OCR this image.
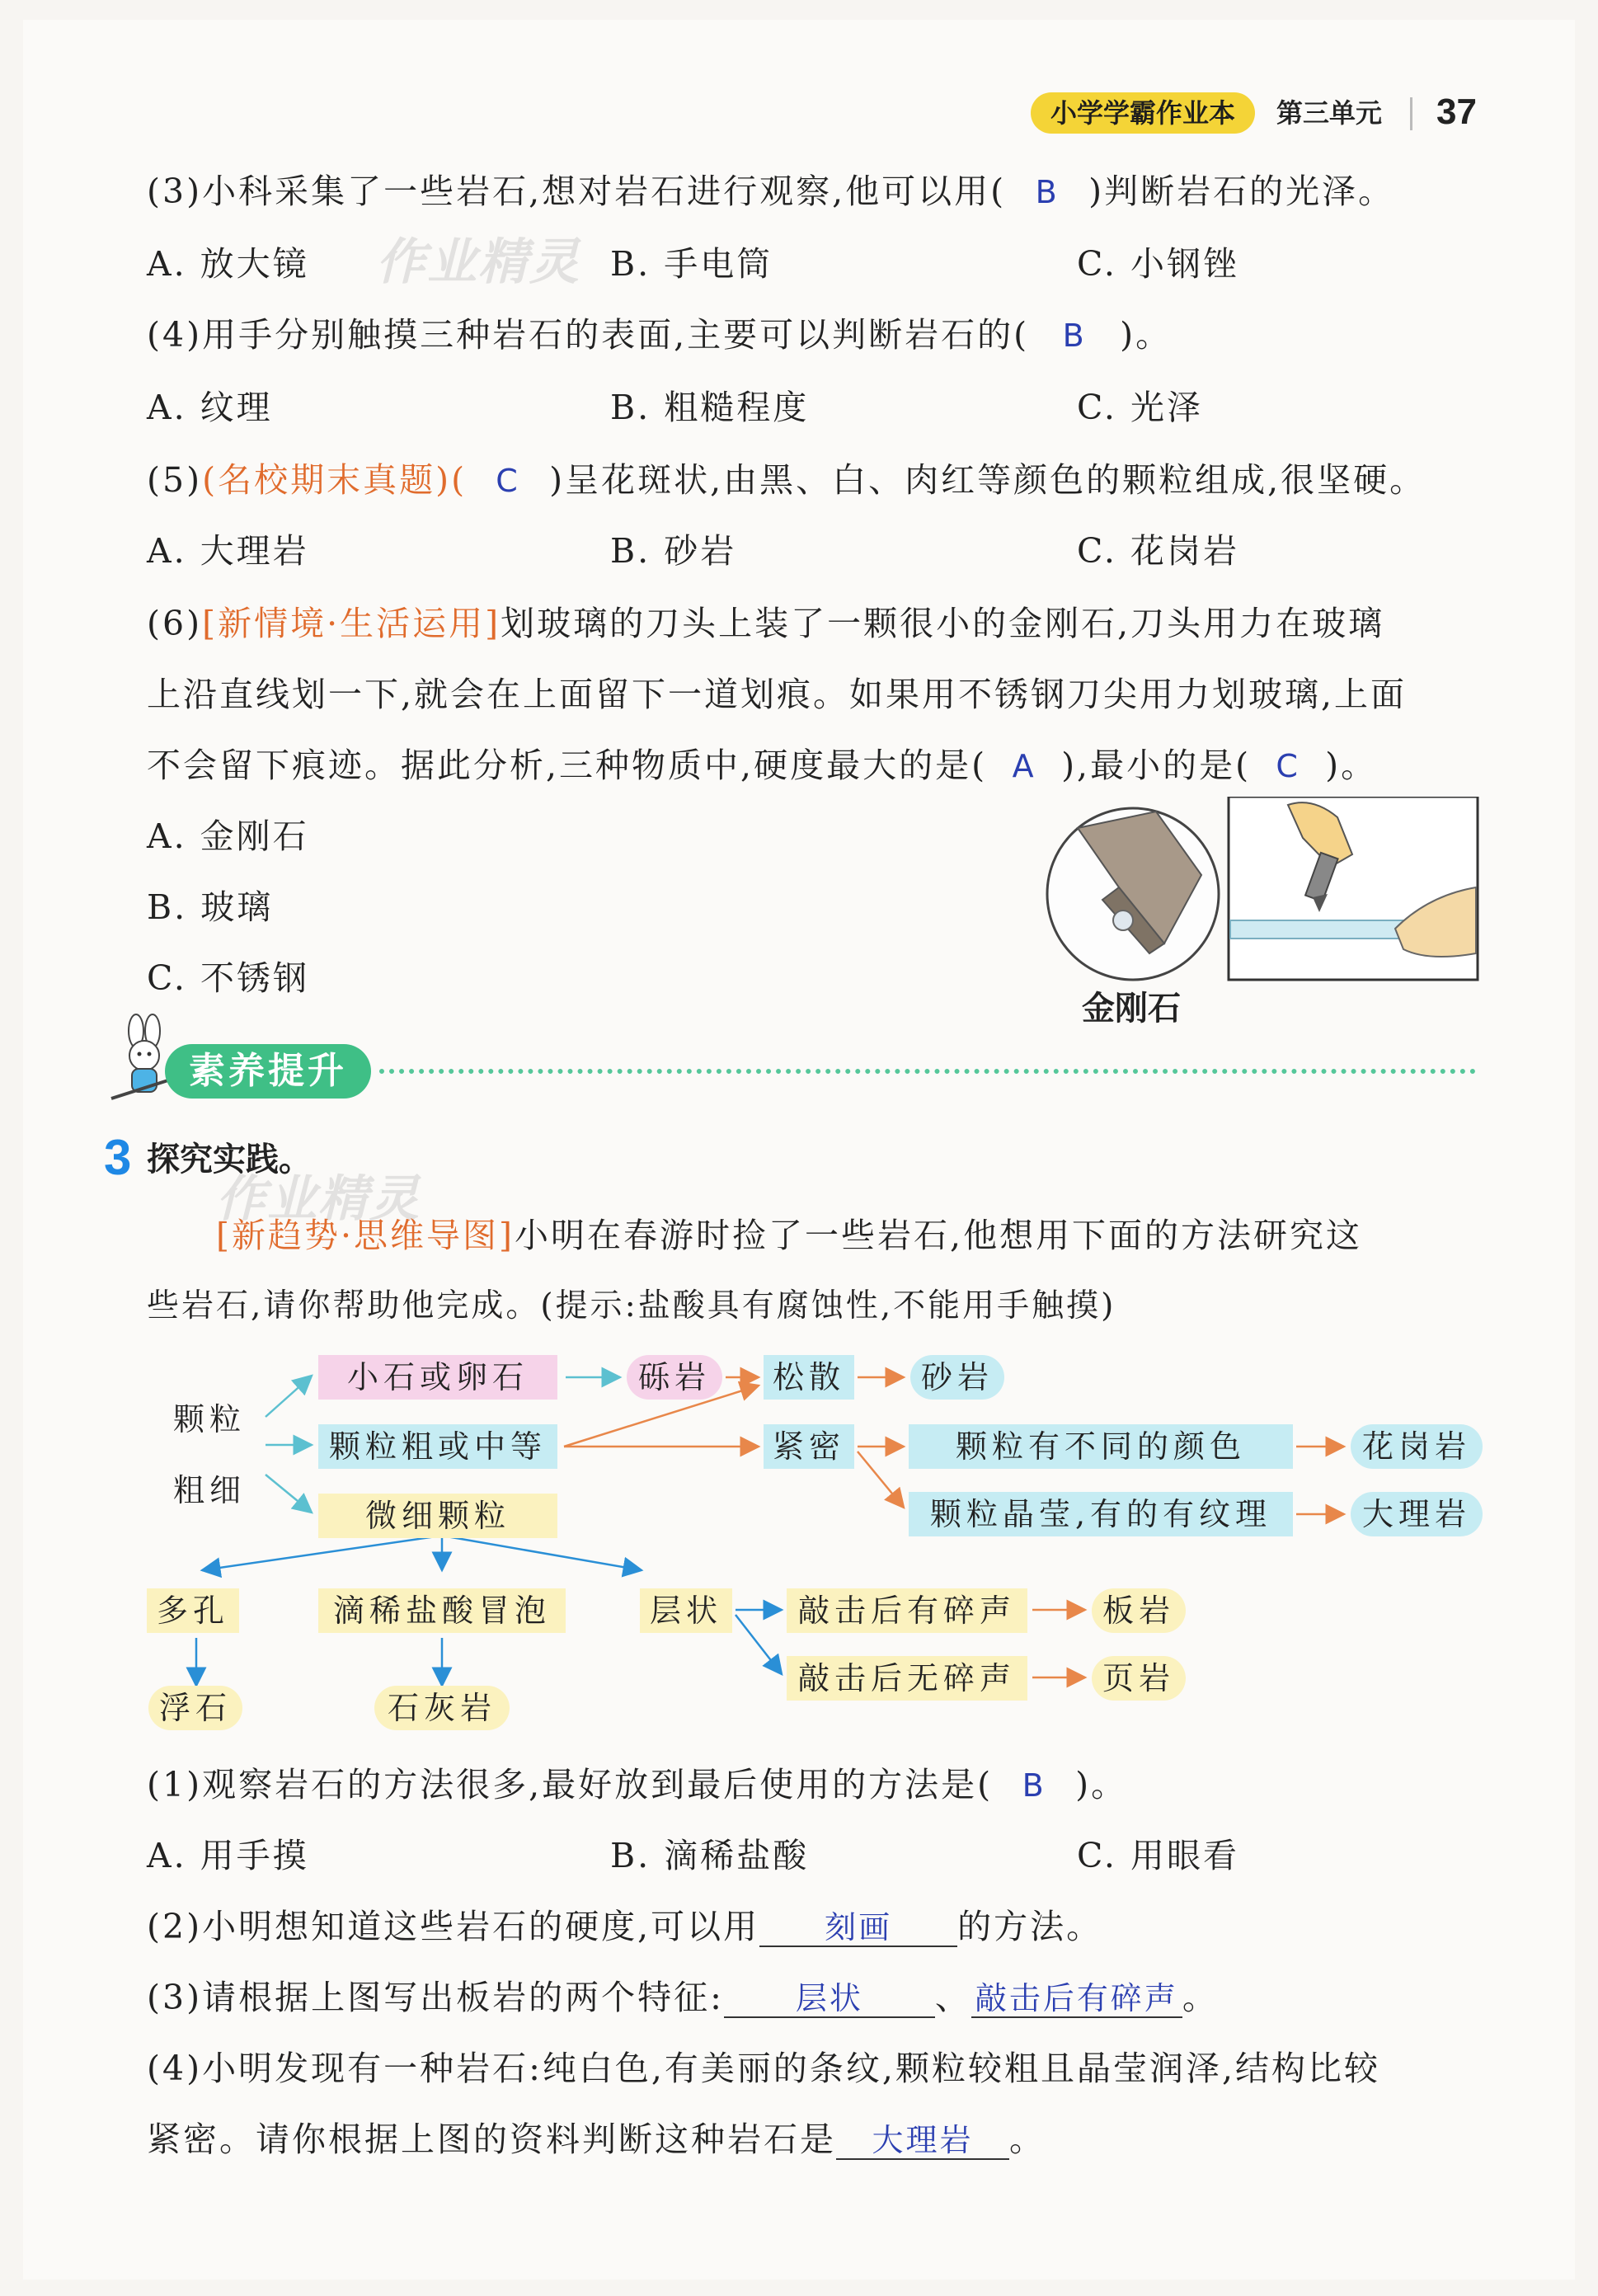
小学学霸作业本	第三单元 37
作业精灵
作业精灵
(3)小科采集了一些岩石,想对岩石进行观察,他可以用( B )判断岩石的光泽。
A. 放大镜	B. 手电筒	C. 小钢锉
(4)用手分别触摸三种岩石的表面,主要可以判断岩石的( B )。
A. 纹理	B. 粗糙程度	C. 光泽
(5)(名校期末真题)( C )呈花斑状,由黑、白、肉红等颜色的颗粒组成,很坚硬。
A. 大理岩	B. 砂岩	C. 花岗岩
(6)[新情境·生活运用]划玻璃的刀头上装了一颗很小的金刚石,刀头用力在玻璃
上沿直线划一下,就会在上面留下一道划痕。如果用不锈钢刀尖用力划玻璃,上面
不会留下痕迹。据此分析,三种物质中,硬度最大的是( A ),最小的是( C )。
A. 金刚石
B. 玻璃
C. 不锈钢
金刚石
素养提升
3 探究实践。
[新趋势·思维导图]小明在春游时捡了一些岩石,他想用下面的方法研究这
些岩石,请你帮助他完成。(提示:盐酸具有腐蚀性,不能用手触摸)
颗粒
粗细
小石或卵石	砾岩	松散	砂岩
颗粒粗或中等	紧密	颗粒有不同的颜色	花岗岩
颗粒晶莹,有的有纹理	大理岩
微细颗粒
多孔	滴稀盐酸冒泡	层状	敲击后有碎声	板岩
敲击后无碎声	页岩
浮石	石灰岩
(1)观察岩石的方法很多,最好放到最后使用的方法是( B )。
A. 用手摸	B. 滴稀盐酸	C. 用眼看
(2)小明想知道这些岩石的硬度,可以用 刻画 的方法。
(3)请根据上图写出板岩的两个特征: 层状 、 敲击后有碎声 。
(4)小明发现有一种岩石:纯白色,有美丽的条纹,颗粒较粗且晶莹润泽,结构比较
紧密。请你根据上图的资料判断这种岩石是 大理岩 。
